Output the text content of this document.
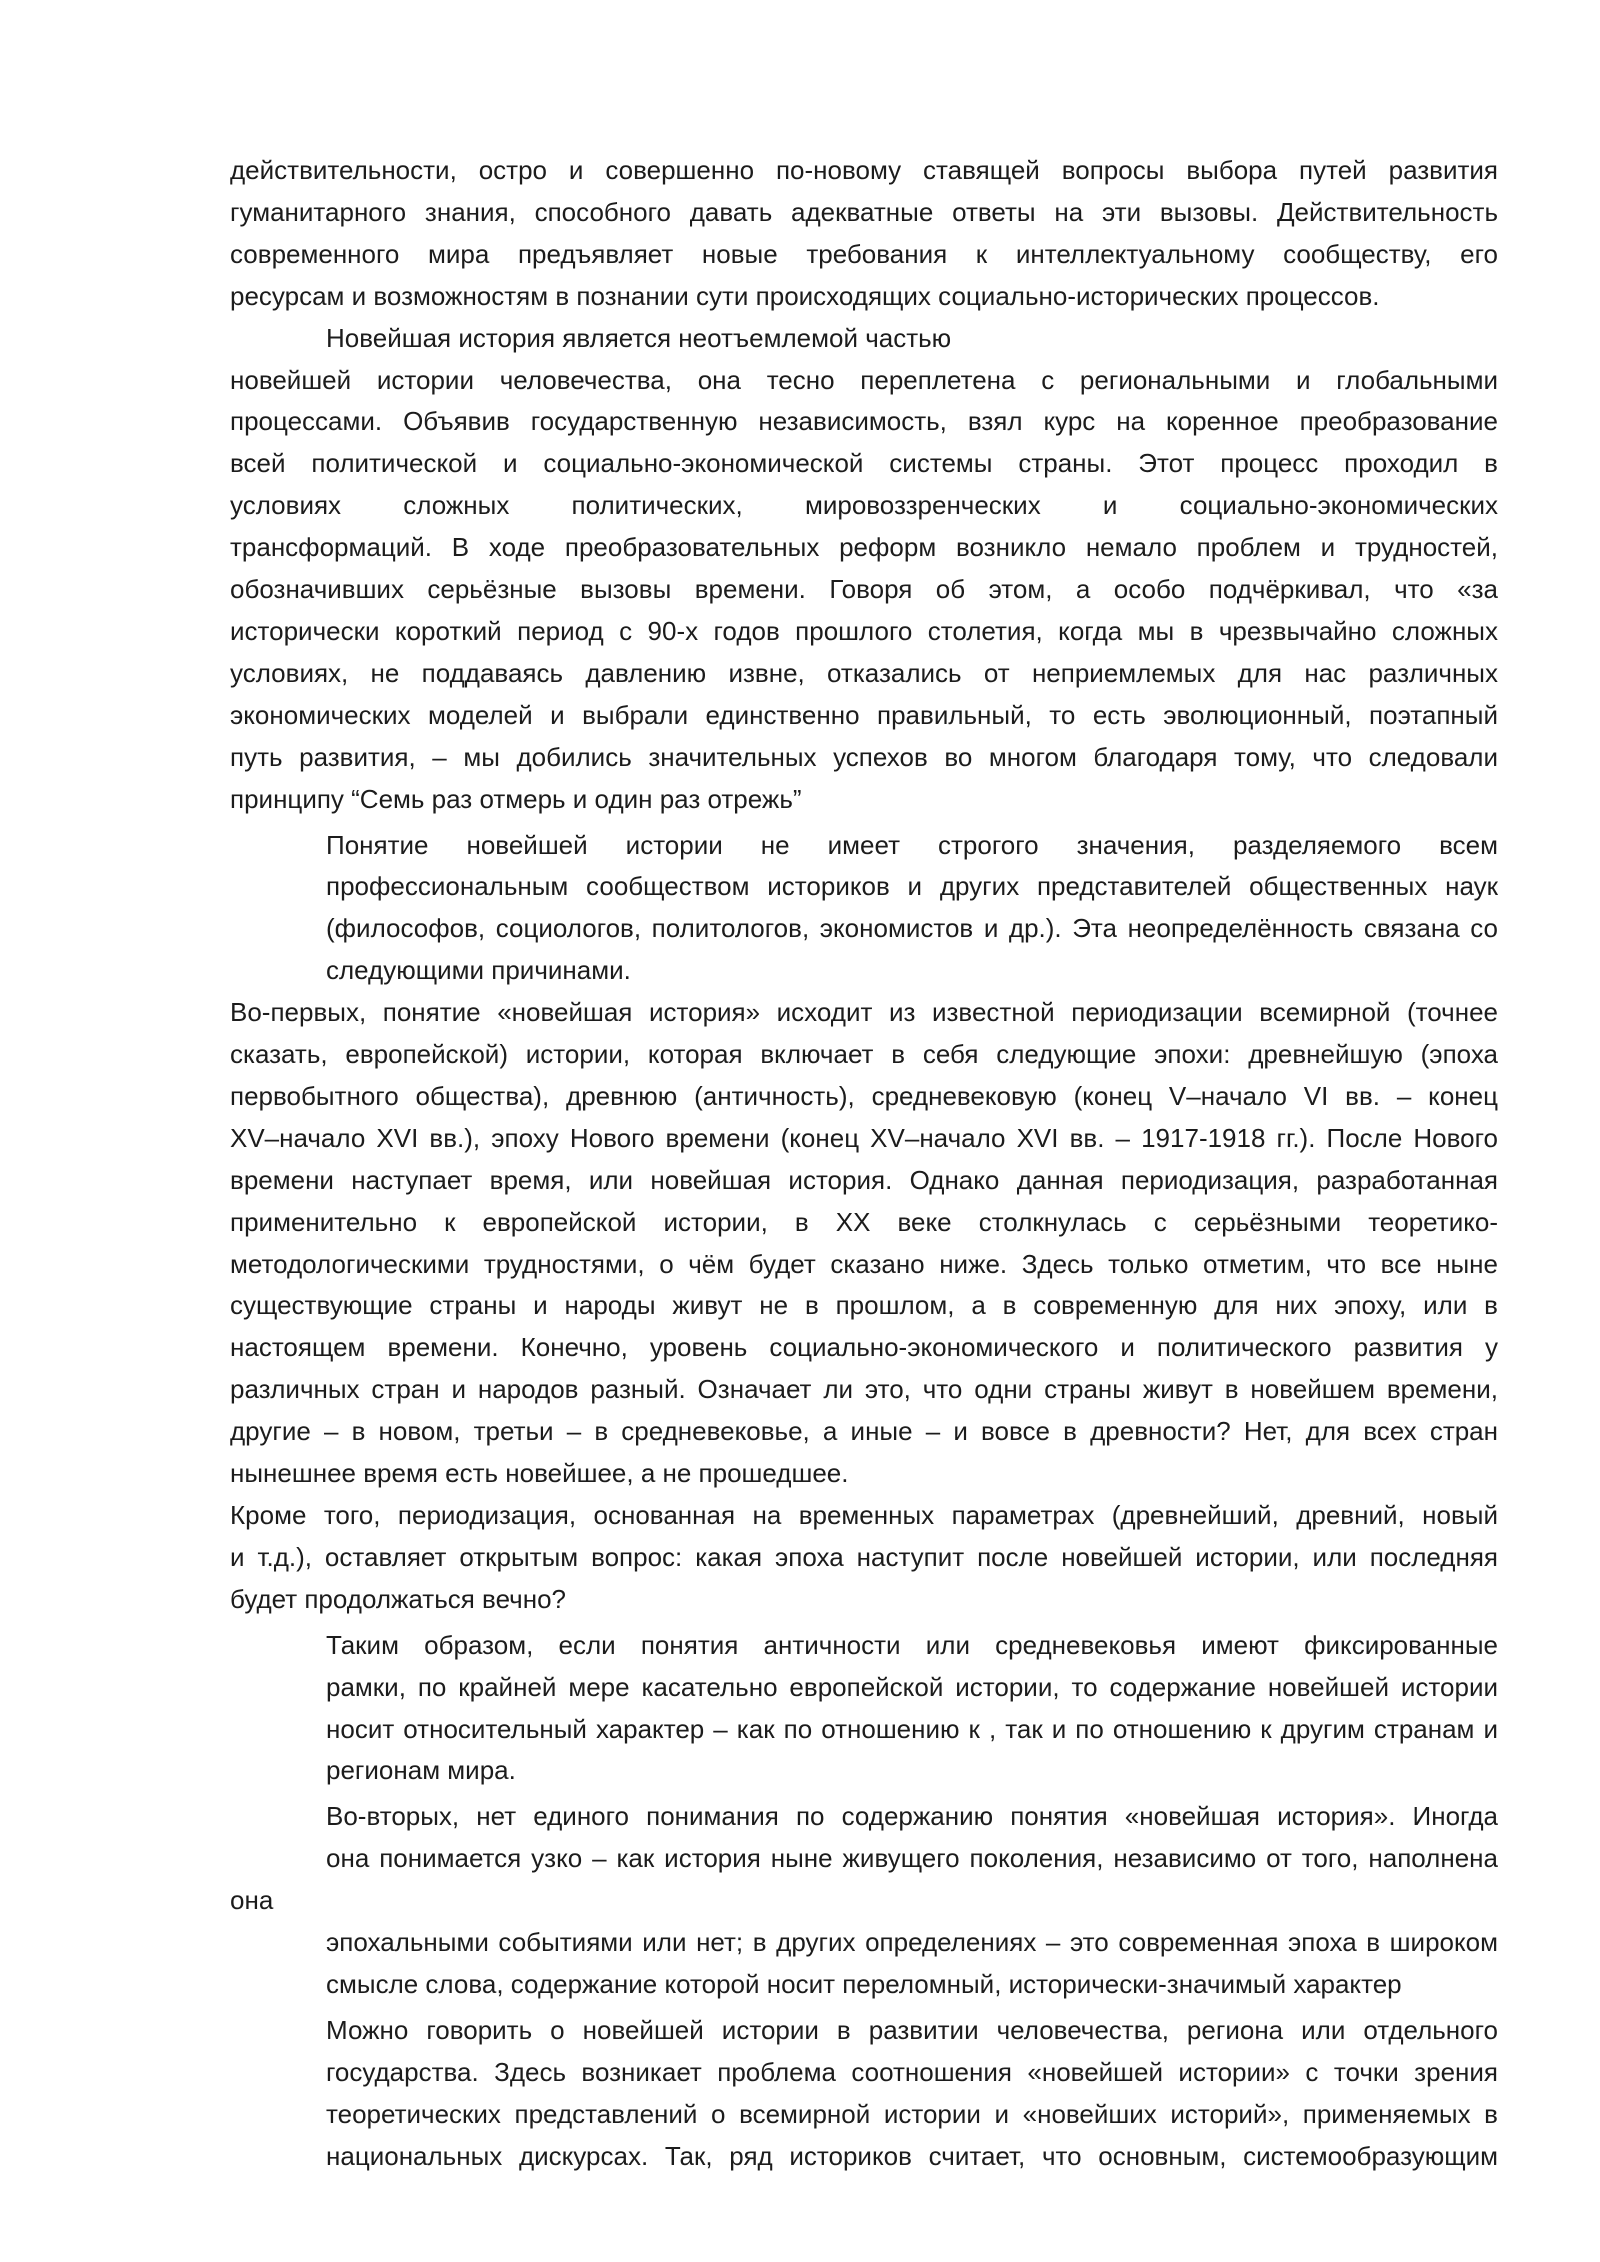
действительности, остро и совершенно по-новому ставящей вопросы выбора путей развития
гуманитарного знания, способного давать адекватные ответы на эти вызовы. Действительность
современного мира предъявляет новые требования к интеллектуальному сообществу, его
ресурсам и возможностям в познании сути происходящих социально-исторических процессов.
Новейшая история является неотъемлемой частью
новейшей истории человечества, она тесно переплетена с региональными и глобальными
процессами. Объявив государственную независимость, взял курс на коренное преобразование
всей политической и социально-экономической системы страны. Этот процесс проходил в
условиях сложных политических, мировоззренческих и социально-экономических
трансформаций. В ходе преобразовательных реформ возникло немало проблем и трудностей,
обозначивших серьёзные вызовы времени. Говоря об этом, а особо подчёркивал, что «за
исторически короткий период с 90-х годов прошлого столетия, когда мы в чрезвычайно сложных
условиях, не поддаваясь давлению извне, отказались от неприемлемых для нас различных
экономических моделей и выбрали единственно правильный, то есть эволюционный, поэтапный
путь развития, – мы добились значительных успехов во многом благодаря тому, что следовали
принципу “Семь раз отмерь и один раз отрежь”
Понятие новейшей истории не имеет строгого значения, разделяемого всем
профессиональным сообществом историков и других представителей общественных наук
(философов, социологов, политологов, экономистов и др.). Эта неопределённость связана со
следующими причинами.
Во-первых, понятие «новейшая история» исходит из известной периодизации всемирной (точнее
сказать, европейской) истории, которая включает в себя следующие эпохи: древнейшую (эпоха
первобытного общества), древнюю (античность), средневековую (конец V–начало VI вв. – конец
XV–начало XVI вв.), эпоху Нового времени (конец XV–начало XVI вв. – 1917-1918 гг.). После Нового
времени наступает время, или новейшая история. Однако данная периодизация, разработанная
применительно к европейской истории, в XX веке столкнулась с серьёзными теоретико-
методологическими трудностями, о чём будет сказано ниже. Здесь только отметим, что все ныне
существующие страны и народы живут не в прошлом, а в современную для них эпоху, или в
настоящем времени. Конечно, уровень социально-экономического и политического развития у
различных стран и народов разный. Означает ли это, что одни страны живут в новейшем времени,
другие – в новом, третьи – в средневековье, а иные – и вовсе в древности? Нет, для всех стран
нынешнее время есть новейшее, а не прошедшее.
Кроме того, периодизация, основанная на временных параметрах (древнейший, древний, новый
и т.д.), оставляет открытым вопрос: какая эпоха наступит после новейшей истории, или последняя
будет продолжаться вечно?
Таким образом, если понятия античности или средневековья имеют фиксированные
рамки, по крайней мере касательно европейской истории, то содержание новейшей истории
носит относительный характер – как по отношению к , так и по отношению к другим странам и
регионам мира.
Во-вторых, нет единого понимания по содержанию понятия «новейшая история». Иногда
она понимается узко – как история ныне живущего поколения, независимо от того, наполнена она
эпохальными событиями или нет; в других определениях – это современная эпоха в широком
смысле слова, содержание которой носит переломный, исторически-значимый характер
Можно говорить о новейшей истории в развитии человечества, региона или отдельного
государства. Здесь возникает проблема соотношения «новейшей истории» с точки зрения
теоретических представлений о всемирной истории и «новейших историй», применяемых в
национальных дискурсах. Так, ряд историков считает, что основным, системообразующим
